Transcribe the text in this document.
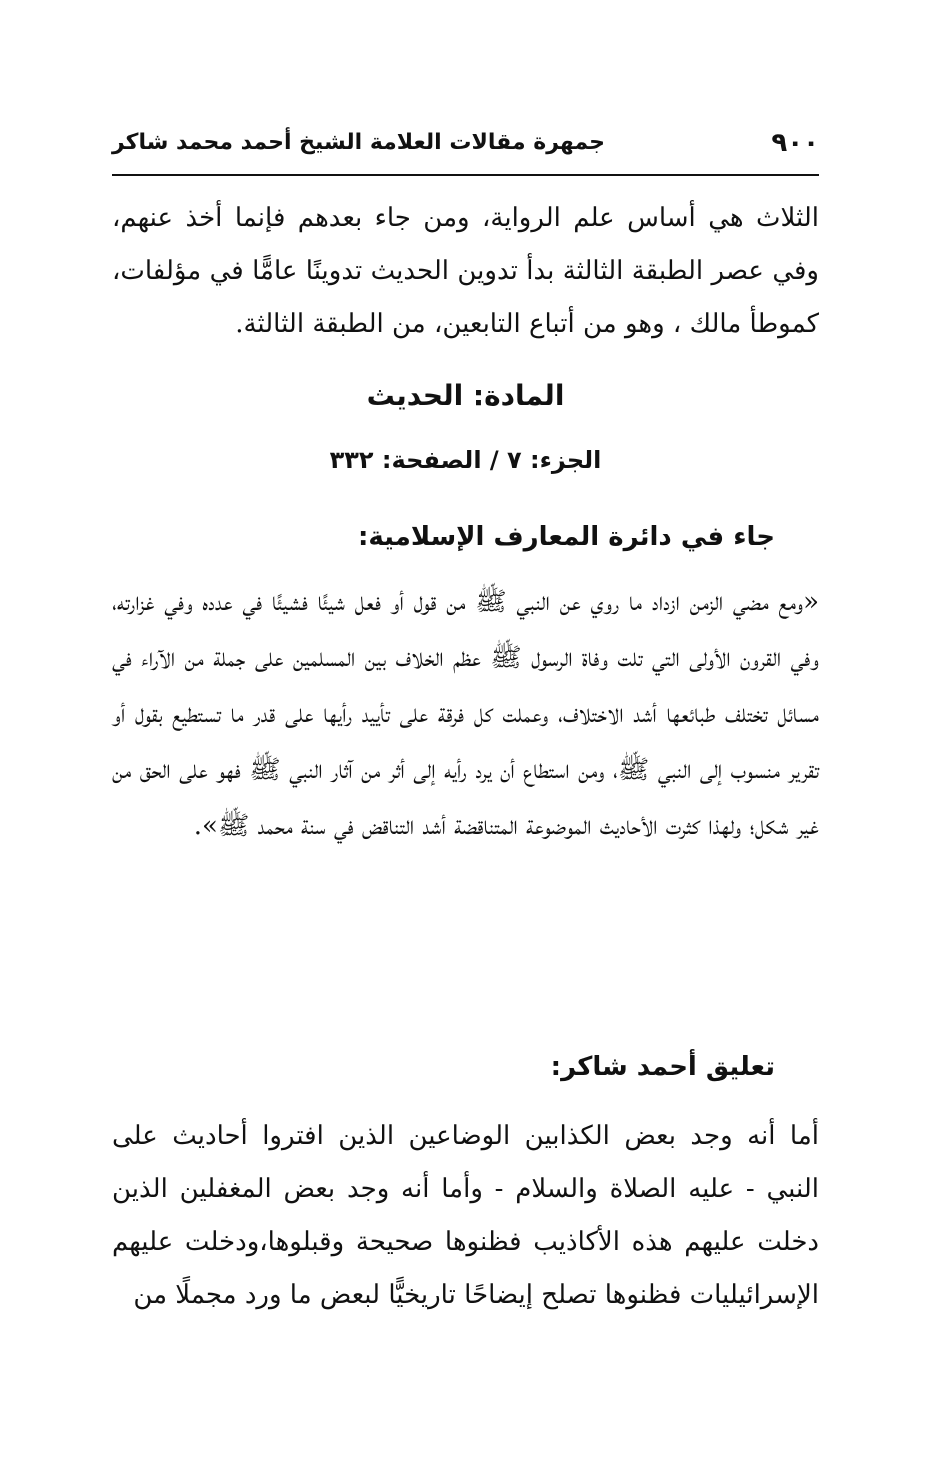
٩٠٠
جمهرة مقالات العلامة الشيخ أحمد محمد شاكر

الثلاث هي أساس علم الرواية، ومن جاء بعدهم فإنما أخذ عنهم، وفي عصر الطبقة الثالثة بدأ تدوين الحديث تدوينًا عامًّا في مؤلفات، كموطأ مالك ، وهو من أتباع التابعين، من الطبقة الثالثة.

المادة: الحديث
الجزء: ٧ / الصفحة: ٣٣٢
جاء في دائرة المعارف الإسلامية:

«ومع مضي الزمن ازداد ما روي عن النبي ﷺ من قول أو فعل شيئًا فشيئًا في عدده وفي غزارته، وفي القرون الأولى التي تلت وفاة الرسول ﷺ عظم الخلاف بين المسلمين على جملة من الآراء في مسائل تختلف طبائعها أشد الاختلاف، وعملت كل فرقة على تأييد رأيها على قدر ما تستطيع بقول أو تقرير منسوب إلى النبي ﷺ، ومن استطاع أن يرد رأيه إلى أثر من آثار النبي ﷺ فهو على الحق من غير شكل؛ ولهذا كثرت الأحاديث الموضوعة المتناقضة أشد التناقض في سنة محمد ﷺ».

تعليق أحمد شاكر:

أما أنه وجد بعض الكذابين الوضاعين الذين افتروا أحاديث على النبي - عليه الصلاة والسلام - وأما أنه وجد بعض المغفلين الذين دخلت عليهم هذه الأكاذيب فظنوها صحيحة وقبلوها،ودخلت عليهم الإسرائيليات فظنوها تصلح إيضاحًا تاريخيًّا لبعض ما ورد مجملًا من
